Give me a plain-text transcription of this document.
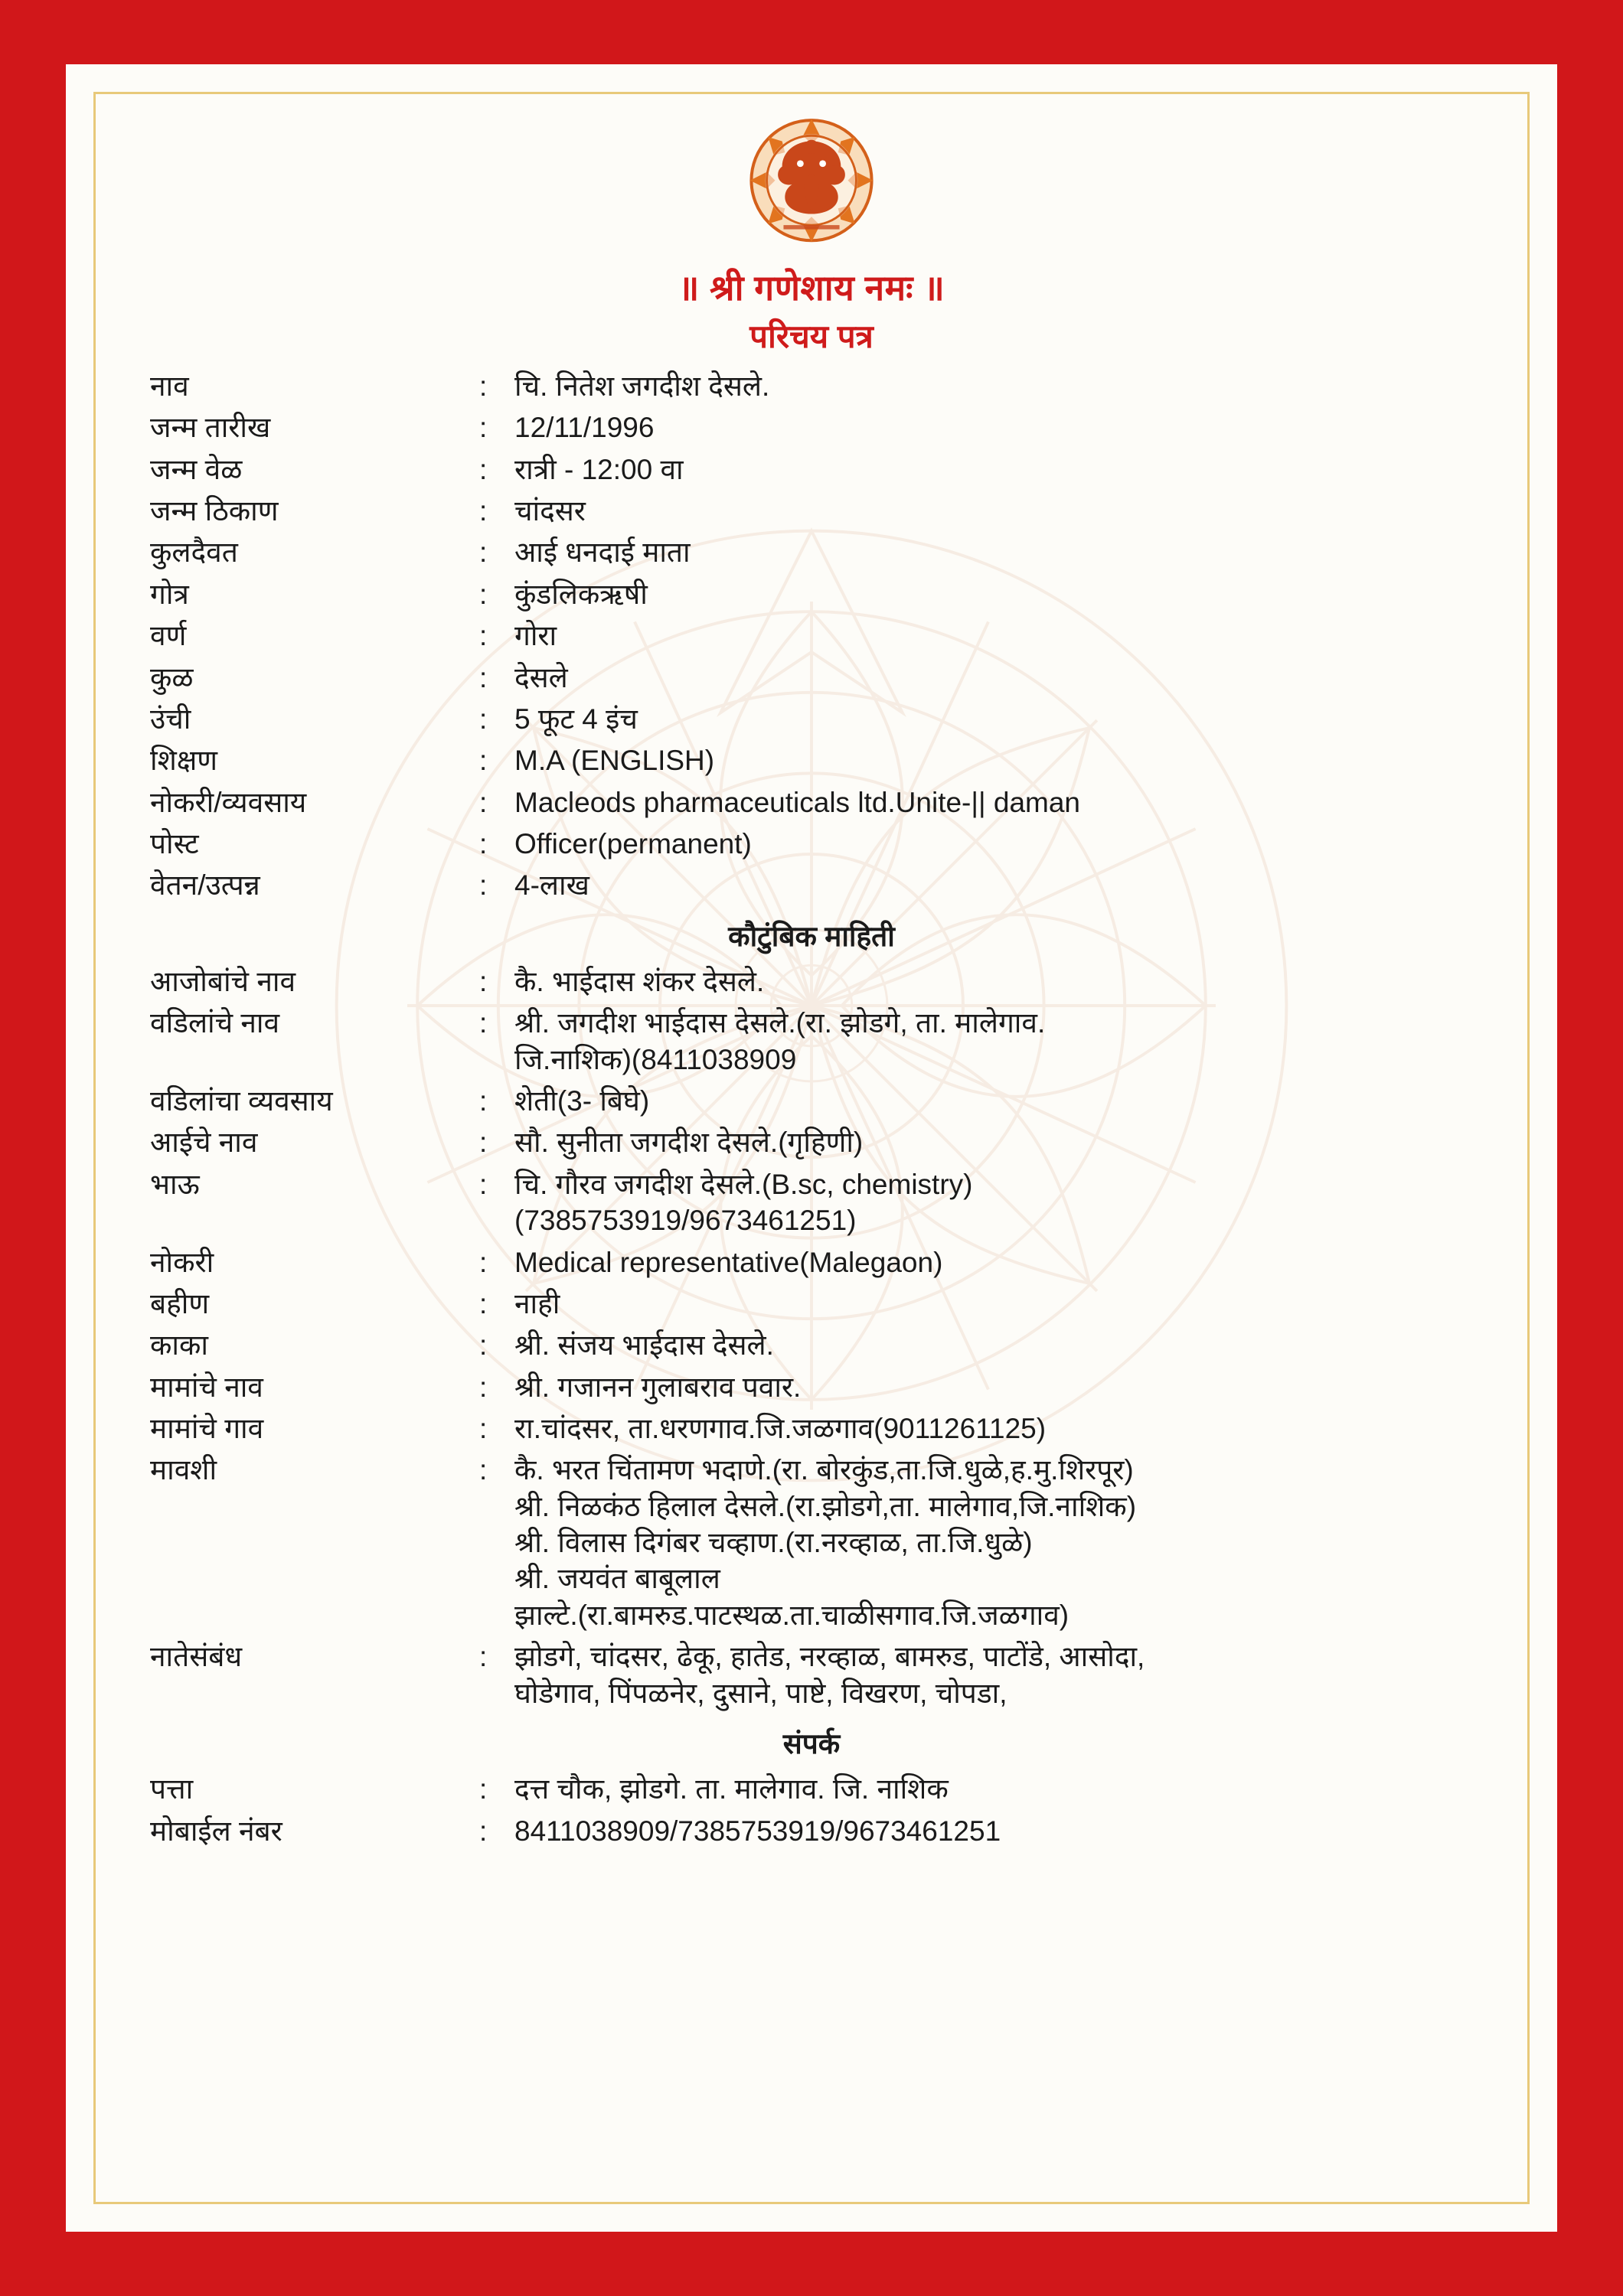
॥ श्री गणेशाय नमः ॥
परिचय पत्र
नाव	:	चि. नितेश जगदीश देसले.
जन्म तारीख	:	12/11/1996
जन्म वेळ	:	रात्री - 12:00 वा
जन्म ठिकाण	:	चांदसर
कुलदैवत	:	आई धनदाई माता
गोत्र	:	कुंडलिकऋषी
वर्ण	:	गोरा
कुळ	:	देसले
उंची	:	5 फूट 4 इंच
शिक्षण	:	M.A (ENGLISH)
नोकरी/व्यवसाय	:	Macleods pharmaceuticals ltd.Unite-|| daman
पोस्ट	:	Officer(permanent)
वेतन/उत्पन्न	:	4-लाख
कौटुंबिक माहिती		
आजोबांचे नाव	:	कै. भाईदास शंकर देसले.
वडिलांचे नाव	:	श्री. जगदीश भाईदास देसले.(रा. झोडगे, ता. मालेगाव.
जि.नाशिक)(8411038909

वडिलांचा व्यवसाय	:	शेती(3- बिघे)
आईचे नाव	:	सौ. सुनीता जगदीश देसले.(गृहिणी)
भाऊ	:	चि. गौरव जगदीश देसले.(B.sc, chemistry)
(7385753919/9673461251)

नोकरी	:	Medical representative(Malegaon)
बहीण	:	नाही
काका	:	श्री. संजय भाईदास देसले.
मामांचे नाव	:	श्री. गजानन गुलाबराव पवार.
मामांचे गाव	:	रा.चांदसर, ता.धरणगाव.जि.जळगाव(9011261125)
मावशी	:	कै. भरत चिंतामण भदाणे.(रा. बोरकुंड,ता.जि.धुळे,ह.मु.शिरपूर)
श्री. निळकंठ हिलाल देसले.(रा.झोडगे,ता. मालेगाव,जि.नाशिक)
श्री. विलास दिगंबर चव्हाण.(रा.नरव्हाळ, ता.जि.धुळे)
श्री. जयवंत बाबूलाल
झाल्टे.(रा.बामरुड.पाटस्थळ.ता.चाळीसगाव.जि.जळगाव)

नातेसंबंध	:	झोडगे, चांदसर, ढेकू, हातेड, नरव्हाळ, बामरुड, पाटोंडे, आसोदा,
घोडेगाव, पिंपळनेर, दुसाने, पाष्टे, विखरण, चोपडा,

संपर्क		
पत्ता	:	दत्त चौक, झोडगे. ता. मालेगाव. जि. नाशिक
मोबाईल नंबर	:	8411038909/7385753919/9673461251
